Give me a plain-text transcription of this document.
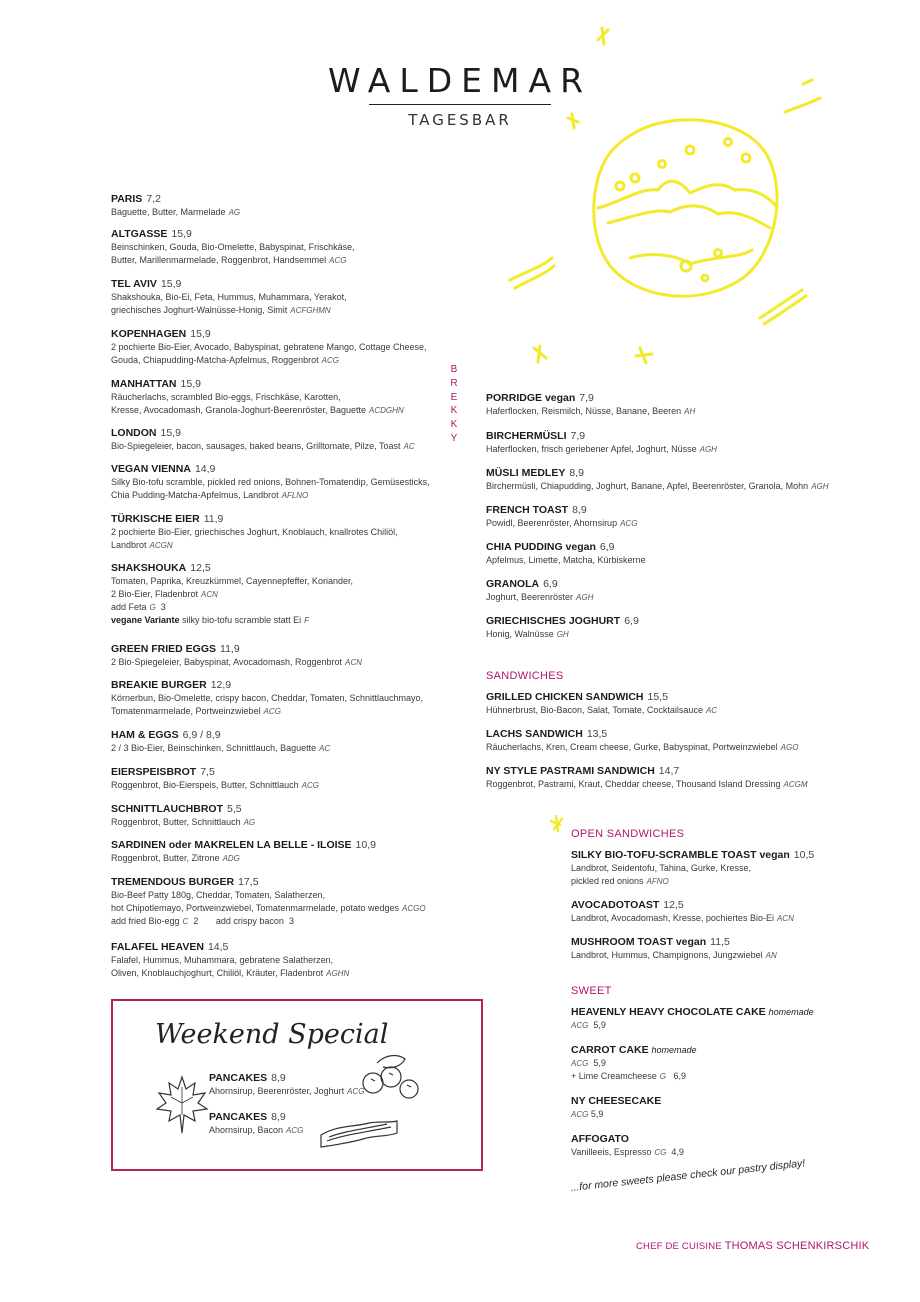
WALDEMAR
TAGESBAR
B
R
E
K
K
Y
PARIS 7,2
Baguette, Butter, Marmelade AG
ALTGASSE 15,9
Beinschinken, Gouda, Bio-Omelette, Babyspinat, Frischkäse,
Butter, Marillenmarmelade, Roggenbrot, Handsemmel ACG
TEL AVIV 15,9
Shakshouka, Bio-Ei, Feta, Hummus, Muhammara, Yerakot,
griechisches Joghurt-Walnüsse-Honig, Simit ACFGHMN
KOPENHAGEN 15,9
2 pochierte Bio-Eier, Avocado, Babyspinat, gebratene Mango, Cottage Cheese,
Gouda, Chiapudding-Matcha-Apfelmus, Roggenbrot ACG
MANHATTAN 15,9
Räucherlachs, scrambled Bio-eggs, Frischkäse, Karotten,
Kresse, Avocadomash, Granola-Joghurt-Beerenröster, Baguette ACDGHN
LONDON 15,9
Bio-Spiegeleier, bacon, sausages, baked beans, Grilltomate, Pilze, Toast AC
VEGAN VIENNA 14,9
Silky Bio-tofu scramble, pickled red onions, Bohnen-Tomatendip, Gemüsesticks,
Chia Pudding-Matcha-Apfelmus, Landbrot AFLNO
TÜRKISCHE EIER 11,9
2 pochierte Bio-Eier, griechisches Joghurt, Knoblauch, knallrotes Chiliöl,
Landbrot ACGN
SHAKSHOUKA 12,5
Tomaten, Paprika, Kreuzkümmel, Cayennepfeffer, Koriander,
2 Bio-Eier, Fladenbrot ACN
add Feta G 3
vegane Variante silky bio-tofu scramble statt Ei F
GREEN FRIED EGGS 11,9
2 Bio-Spiegeleier, Babyspinat, Avocadomash, Roggenbrot ACN
BREAKIE BURGER 12,9
Körnerbun, Bio-Omelette, crispy bacon, Cheddar, Tomaten, Schnittlauchmayo,
Tomatenmarmelade, Portweinzwiebel ACG
HAM & EGGS 6,9 / 8,9
2 / 3 Bio-Eier, Beinschinken, Schnittlauch, Baguette AC
EIERSPEISBROT 7,5
Roggenbrot, Bio-Eierspeis, Butter, Schnittlauch ACG
SCHNITTLAUCHBROT 5,5
Roggenbrot, Butter, Schnittlauch AG
SARDINEN oder MAKRELEN LA BELLE - ILOISE 10,9
Roggenbrot, Butter, Zitrone ADG
TREMENDOUS BURGER 17,5
Bio-Beef Patty 180g, Cheddar, Tomaten, Salatherzen,
hot Chipotlemayo, Portweinzwiebel, Tomatenmarmelade, potato wedges ACGO
add fried Bio-egg C 2 add crispy bacon 3
FALAFEL HEAVEN 14,5
Falafel, Hummus, Muhammara, gebratene Salatherzen,
Oliven, Knoblauchjoghurt, Chiliöl, Kräuter, Fladenbrot AGHN
Weekend Special
PANCAKES 8,9
Ahornsirup, Beerenröster, Joghurt ACG
PANCAKES 8,9
Ahornsirup, Bacon ACG
PORRIDGE vegan 7,9
Haferflocken, Reismilch, Nüsse, Banane, Beeren AH
BIRCHERMÜSLI 7,9
Haferflocken, frisch geriebener Apfel, Joghurt, Nüsse AGH
MÜSLI MEDLEY 8,9
Birchermüsli, Chiapudding, Joghurt, Banane, Apfel, Beerenröster, Granola, Mohn AGH
FRENCH TOAST 8,9
Powidl, Beerenröster, Ahornsirup ACG
CHIA PUDDING vegan 6,9
Apfelmus, Limette, Matcha, Kürbiskerne
GRANOLA 6,9
Joghurt, Beerenröster AGH
GRIECHISCHES JOGHURT 6,9
Honig, Walnüsse GH
SANDWICHES
GRILLED CHICKEN SANDWICH 15,5
Hühnerbrust, Bio-Bacon, Salat, Tomate, Cocktailsauce AC
LACHS SANDWICH 13,5
Räucherlachs, Kren, Cream cheese, Gurke, Babyspinat, Portweinzwiebel AGO
NY STYLE PASTRAMI SANDWICH 14,7
Roggenbrot, Pastrami, Kraut, Cheddar cheese, Thousand Island Dressing ACGM
OPEN SANDWICHES
SILKY BIO-TOFU-SCRAMBLE TOAST vegan 10,5
Landbrot, Seidentofu, Tahina, Gurke, Kresse,
pickled red onions AFNO
AVOCADOTOAST 12,5
Landbrot, Avocadomash, Kresse, pochiertes Bio-Ei ACN
MUSHROOM TOAST vegan 11,5
Landbrot, Hummus, Champignons, Jungzwiebel AN
SWEET
HEAVENLY HEAVY CHOCOLATE CAKE homemade
ACG 5,9
CARROT CAKE homemade
ACG 5,9
+ Lime Creamcheese G 6,9
NY CHEESECAKE
ACG 5,9
AFFOGATO
Vanilleeis, Espresso CG 4,9
...for more sweets please check our pastry display!
CHEF DE CUISINE THOMAS SCHENKIRSCHIK
